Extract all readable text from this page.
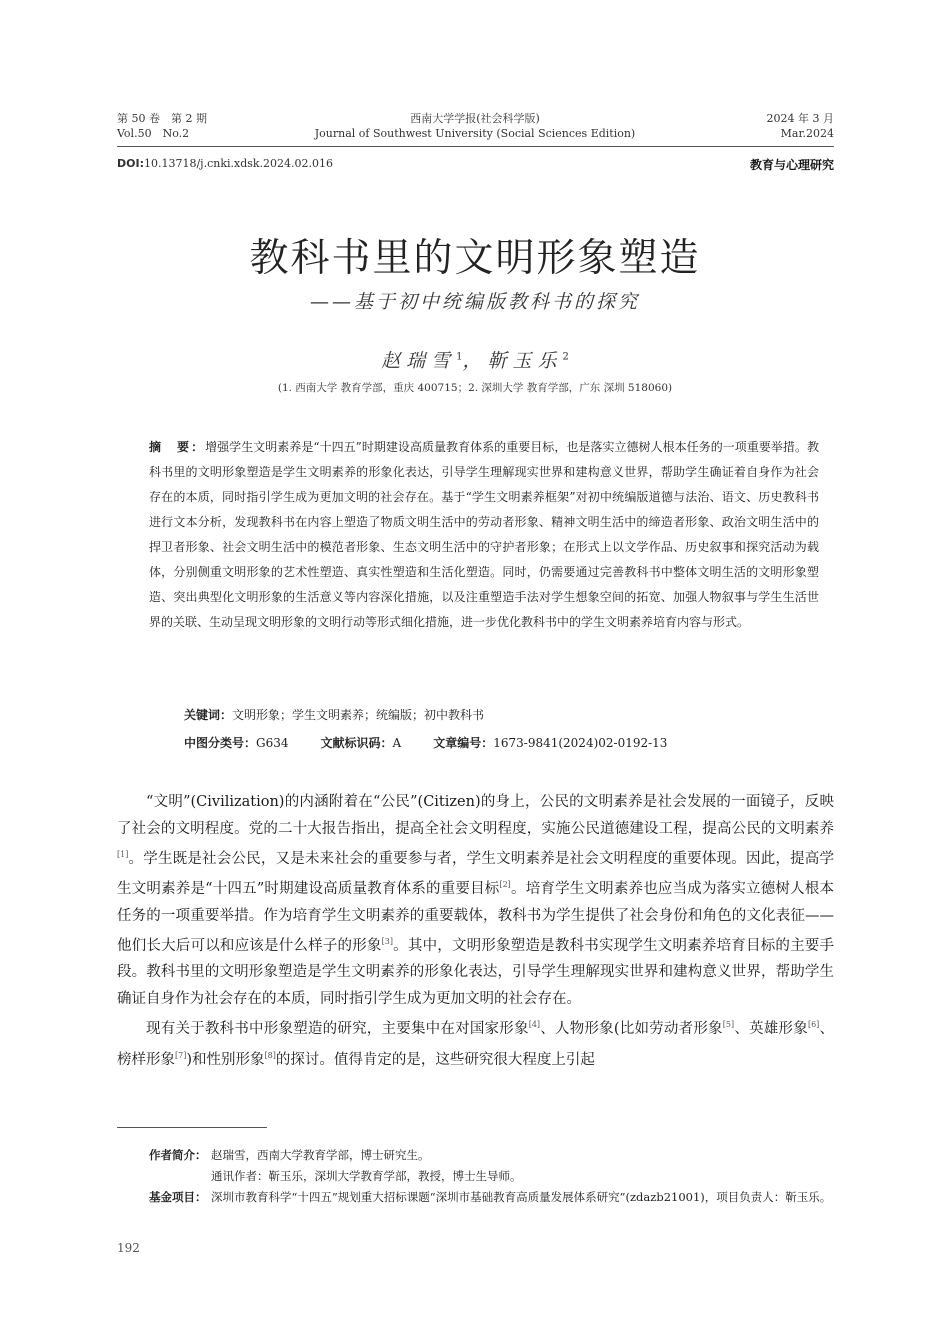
第 50 卷　第 2 期
Vol.50　No.2
西南大学学报(社会科学版)
Journal of Southwest University (Social Sciences Edition)
2024 年 3 月
Mar.2024
DOI:10.13718/j.cnki.xdsk.2024.02.016	教育与心理研究
教科书里的文明形象塑造
——基于初中统编版教科书的探究
赵瑞雪$^1$，靳玉乐$^2$
(1. 西南大学 教育学部，重庆 400715；2. 深圳大学 教育学部，广东 深圳 518060)
摘　要：增强学生文明素养是“十四五”时期建设高质量教育体系的重要目标，也是落实立德树人根本任务的一项重要举措。教科书里的文明形象塑造是学生文明素养的形象化表达，引导学生理解现实世界和建构意义世界，帮助学生确证着自身作为社会存在的本质，同时指引学生成为更加文明的社会存在。基于“学生文明素养框架”对初中统编版道德与法治、语文、历史教科书进行文本分析，发现教科书在内容上塑造了物质文明生活中的劳动者形象、精神文明生活中的缔造者形象、政治文明生活中的捍卫者形象、社会文明生活中的模范者形象、生态文明生活中的守护者形象；在形式上以文学作品、历史叙事和探究活动为载体，分别侧重文明形象的艺术性塑造、真实性塑造和生活化塑造。同时，仍需要通过完善教科书中整体文明生活的文明形象塑造、突出典型化文明形象的生活意义等内容深化措施，以及注重塑造手法对学生想象空间的拓宽、加强人物叙事与学生生活世界的关联、生动呈现文明形象的文明行动等形式细化措施，进一步优化教科书中的学生文明素养培育内容与形式。
关键词：文明形象；学生文明素养；统编版；初中教科书
中图分类号：G634	文献标识码：A	文章编号：1673-9841(2024)02-0192-13

“文明”(Civilization)的内涵附着在“公民”(Citizen)的身上，公民的文明素养是社会发展的一面镜子，反映了社会的文明程度。党的二十大报告指出，提高全社会文明程度，实施公民道德建设工程，提高公民的文明素养[1]。学生既是社会公民，又是未来社会的重要参与者，学生文明素养是社会文明程度的重要体现。因此，提高学生文明素养是“十四五”时期建设高质量教育体系的重要目标[2]。培育学生文明素养也应当成为落实立德树人根本任务的一项重要举措。作为培育学生文明素养的重要载体，教科书为学生提供了社会身份和角色的文化表征——他们长大后可以和应该是什么样子的形象[3]。其中，文明形象塑造是教科书实现学生文明素养培育目标的主要手段。教科书里的文明形象塑造是学生文明素养的形象化表达，引导学生理解现实世界和建构意义世界，帮助学生确证自身作为社会存在的本质，同时指引学生成为更加文明的社会存在。

现有关于教科书中形象塑造的研究，主要集中在对国家形象[4]、人物形象(比如劳动者形象[5]、英雄形象[6]、榜样形象[7])和性别形象[8]的探讨。值得肯定的是，这些研究很大程度上引起

作者简介： 赵瑞雪，西南大学教育学部，博士研究生。
通讯作者：靳玉乐，深圳大学教育学部，教授，博士生导师。
基金项目： 深圳市教育科学“十四五”规划重大招标课题“深圳市基础教育高质量发展体系研究”(zdazb21001)，项目负责人：靳玉乐。
192
